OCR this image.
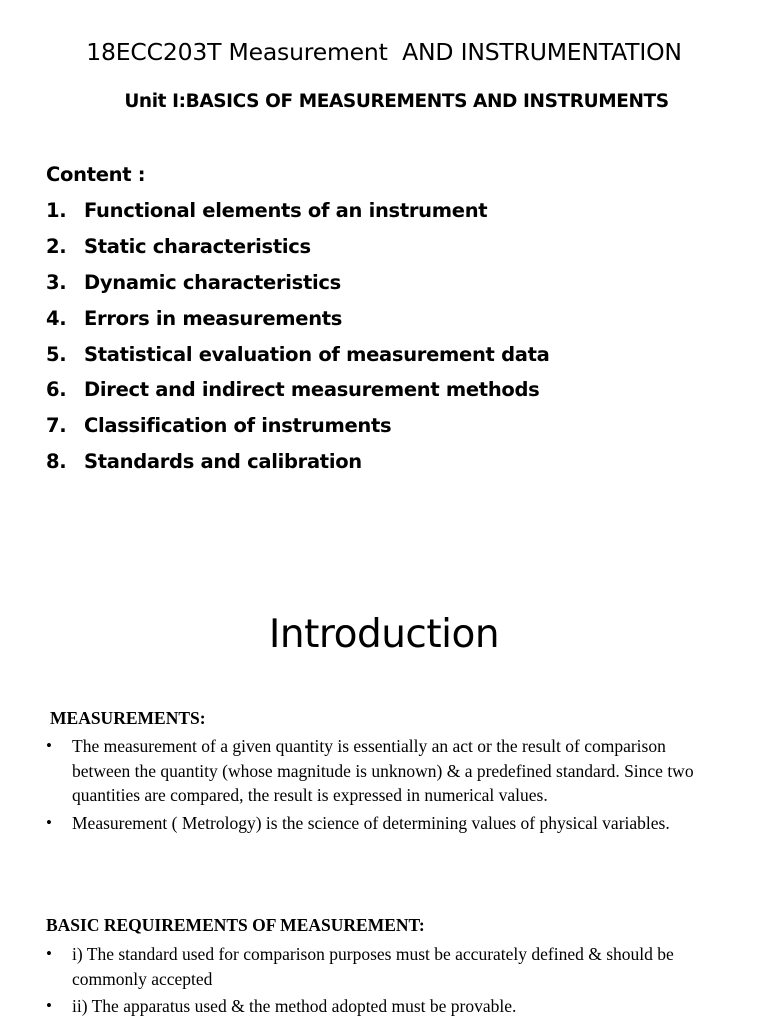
18ECC203T Measurement  AND INSTRUMENTATION
Unit I:BASICS OF MEASUREMENTS AND INSTRUMENTS
Content :
1. Functional elements of an instrument
2. Static characteristics
3. Dynamic characteristics
4. Errors in measurements
5. Statistical evaluation of measurement data
6. Direct and indirect measurement methods
7. Classification of instruments
8. Standards and calibration
Introduction
MEASUREMENTS:
•	The measurement of a given quantity is essentially an act or the result of comparison between the quantity (whose magnitude is unknown) & a predefined standard. Since two quantities are compared, the result is expressed in numerical values.
•	Measurement ( Metrology) is the science of determining values of physical variables.
BASIC REQUIREMENTS OF MEASUREMENT:
•	i) The standard used for comparison purposes must be accurately defined & should be commonly accepted
•	ii) The apparatus used & the method adopted must be provable.
